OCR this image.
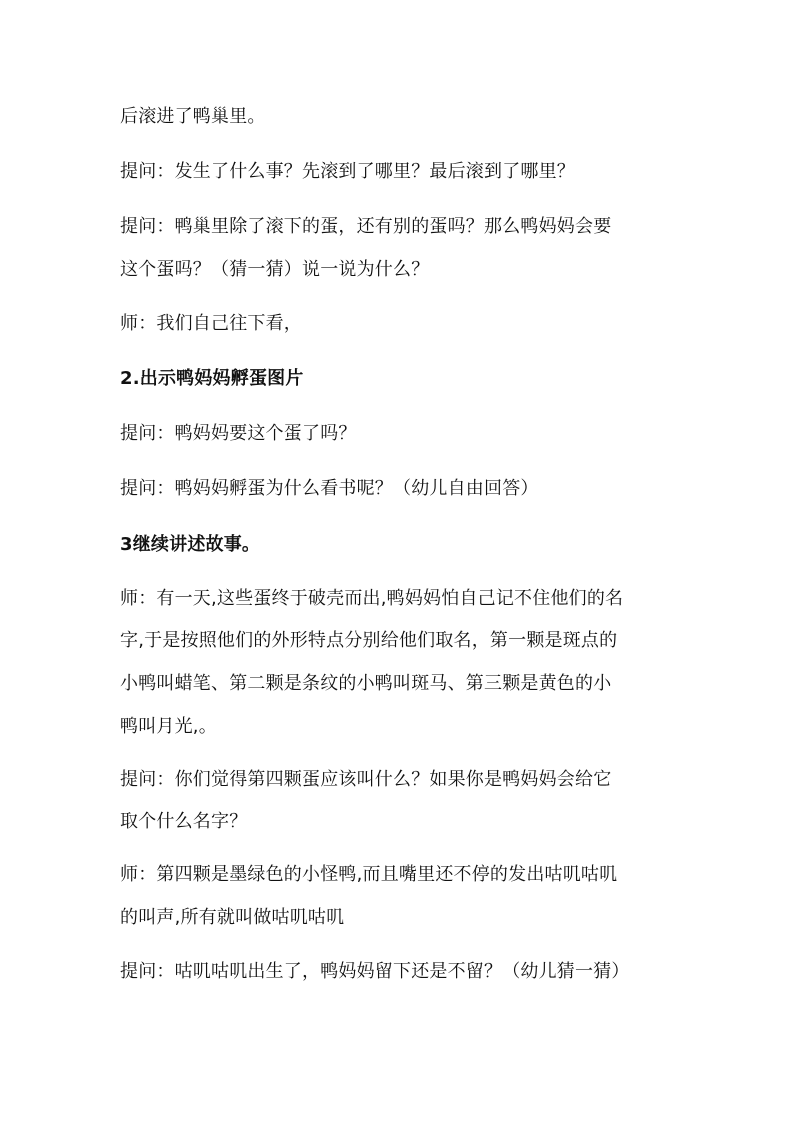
后滚进了鸭巢里。
提问：发生了什么事？先滚到了哪里？最后滚到了哪里？
提问：鸭巢里除了滚下的蛋，还有别的蛋吗？那么鸭妈妈会要
这个蛋吗？（猜一猜）说一说为什么？
师：我们自己往下看，
2.出示鸭妈妈孵蛋图片
提问：鸭妈妈要这个蛋了吗？
提问：鸭妈妈孵蛋为什么看书呢？（幼儿自由回答）
3继续讲述故事。
师：有一天,这些蛋终于破壳而出,鸭妈妈怕自己记不住他们的名
字,于是按照他们的外形特点分别给他们取名，第一颗是斑点的
小鸭叫蜡笔、第二颗是条纹的小鸭叫斑马、第三颗是黄色的小
鸭叫月光,。
提问：你们觉得第四颗蛋应该叫什么？如果你是鸭妈妈会给它
取个什么名字？
师：第四颗是墨绿色的小怪鸭,而且嘴里还不停的发出咕叽咕叽
的叫声,所有就叫做咕叽咕叽
提问：咕叽咕叽出生了，鸭妈妈留下还是不留？（幼儿猜一猜）
